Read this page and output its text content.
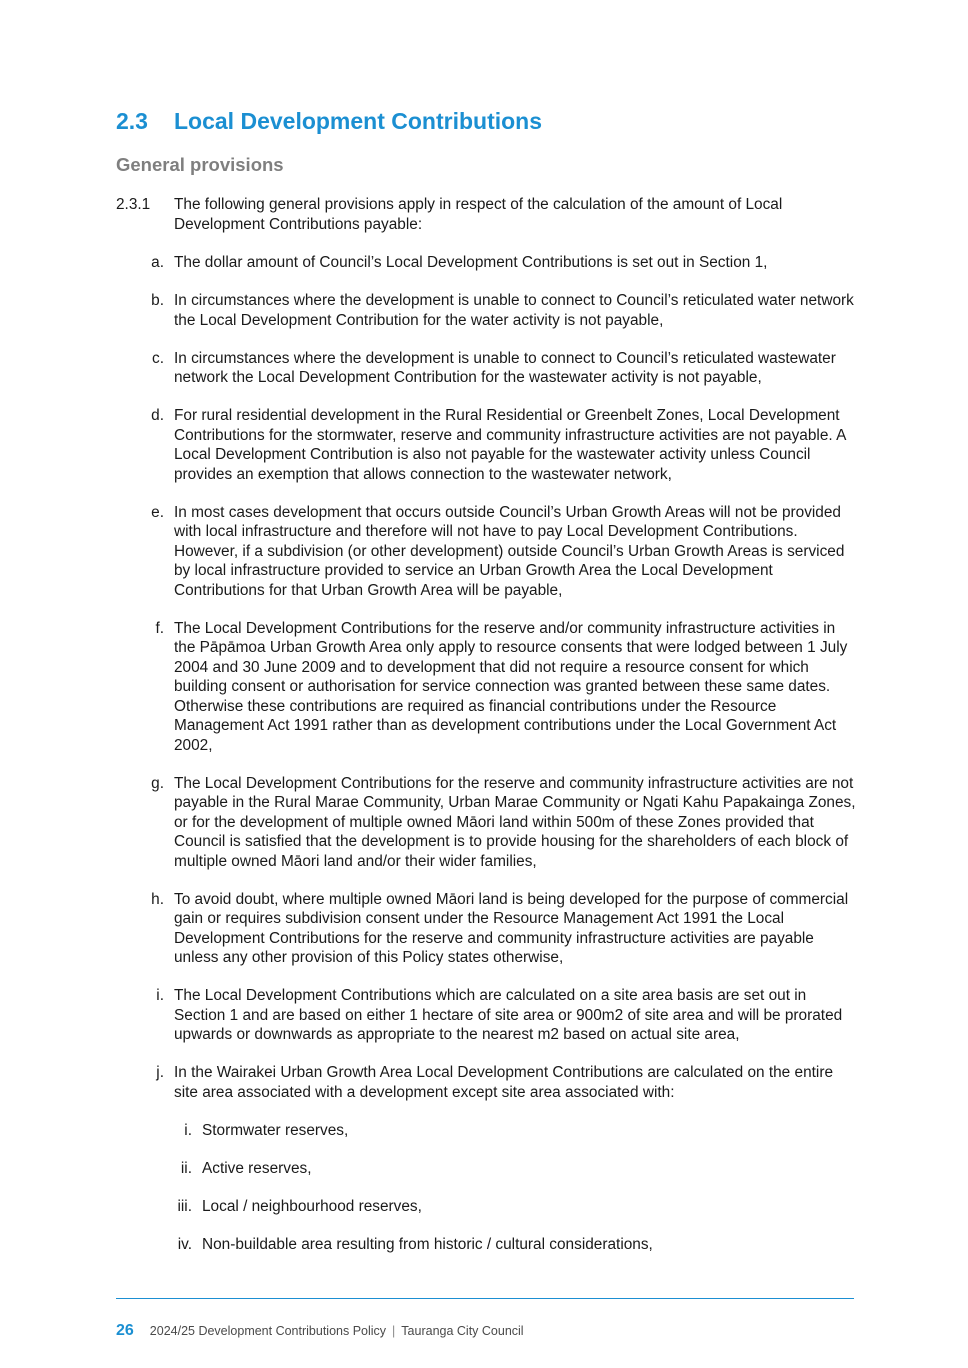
2.3 Local Development Contributions
General provisions
2.3.1 The following general provisions apply in respect of the calculation of the amount of Local Development Contributions payable:
a. The dollar amount of Council’s Local Development Contributions is set out in Section 1,
b. In circumstances where the development is unable to connect to Council’s reticulated water network the Local Development Contribution for the water activity is not payable,
c. In circumstances where the development is unable to connect to Council’s reticulated wastewater network the Local Development Contribution for the wastewater activity is not payable,
d. For rural residential development in the Rural Residential or Greenbelt Zones, Local Development Contributions for the stormwater, reserve and community infrastructure activities are not payable. A Local Development Contribution is also not payable for the wastewater activity unless Council provides an exemption that allows connection to the wastewater network,
e. In most cases development that occurs outside Council’s Urban Growth Areas will not be provided with local infrastructure and therefore will not have to pay Local Development Contributions. However, if a subdivision (or other development) outside Council’s Urban Growth Areas is serviced by local infrastructure provided to service an Urban Growth Area the Local Development Contributions for that Urban Growth Area will be payable,
f. The Local Development Contributions for the reserve and/or community infrastructure activities in the Pāpāmoa Urban Growth Area only apply to resource consents that were lodged between 1 July 2004 and 30 June 2009 and to development that did not require a resource consent for which building consent or authorisation for service connection was granted between these same dates. Otherwise these contributions are required as financial contributions under the Resource Management Act 1991 rather than as development contributions under the Local Government Act 2002,
g. The Local Development Contributions for the reserve and community infrastructure activities are not payable in the Rural Marae Community, Urban Marae Community or Ngati Kahu Papakainga Zones, or for the development of multiple owned Māori land within 500m of these Zones provided that Council is satisfied that the development is to provide housing for the shareholders of each block of multiple owned Māori land and/or their wider families,
h. To avoid doubt, where multiple owned Māori land is being developed for the purpose of commercial gain or requires subdivision consent under the Resource Management Act 1991 the Local Development Contributions for the reserve and community infrastructure activities are payable unless any other provision of this Policy states otherwise,
i. The Local Development Contributions which are calculated on a site area basis are set out in Section 1 and are based on either 1 hectare of site area or 900m2 of site area and will be prorated upwards or downwards as appropriate to the nearest m2 based on actual site area,
j. In the Wairakei Urban Growth Area Local Development Contributions are calculated on the entire site area associated with a development except site area associated with:
i. Stormwater reserves,
ii. Active reserves,
iii. Local / neighbourhood reserves,
iv. Non-buildable area resulting from historic / cultural considerations,
26 2024/25 Development Contributions Policy | Tauranga City Council
